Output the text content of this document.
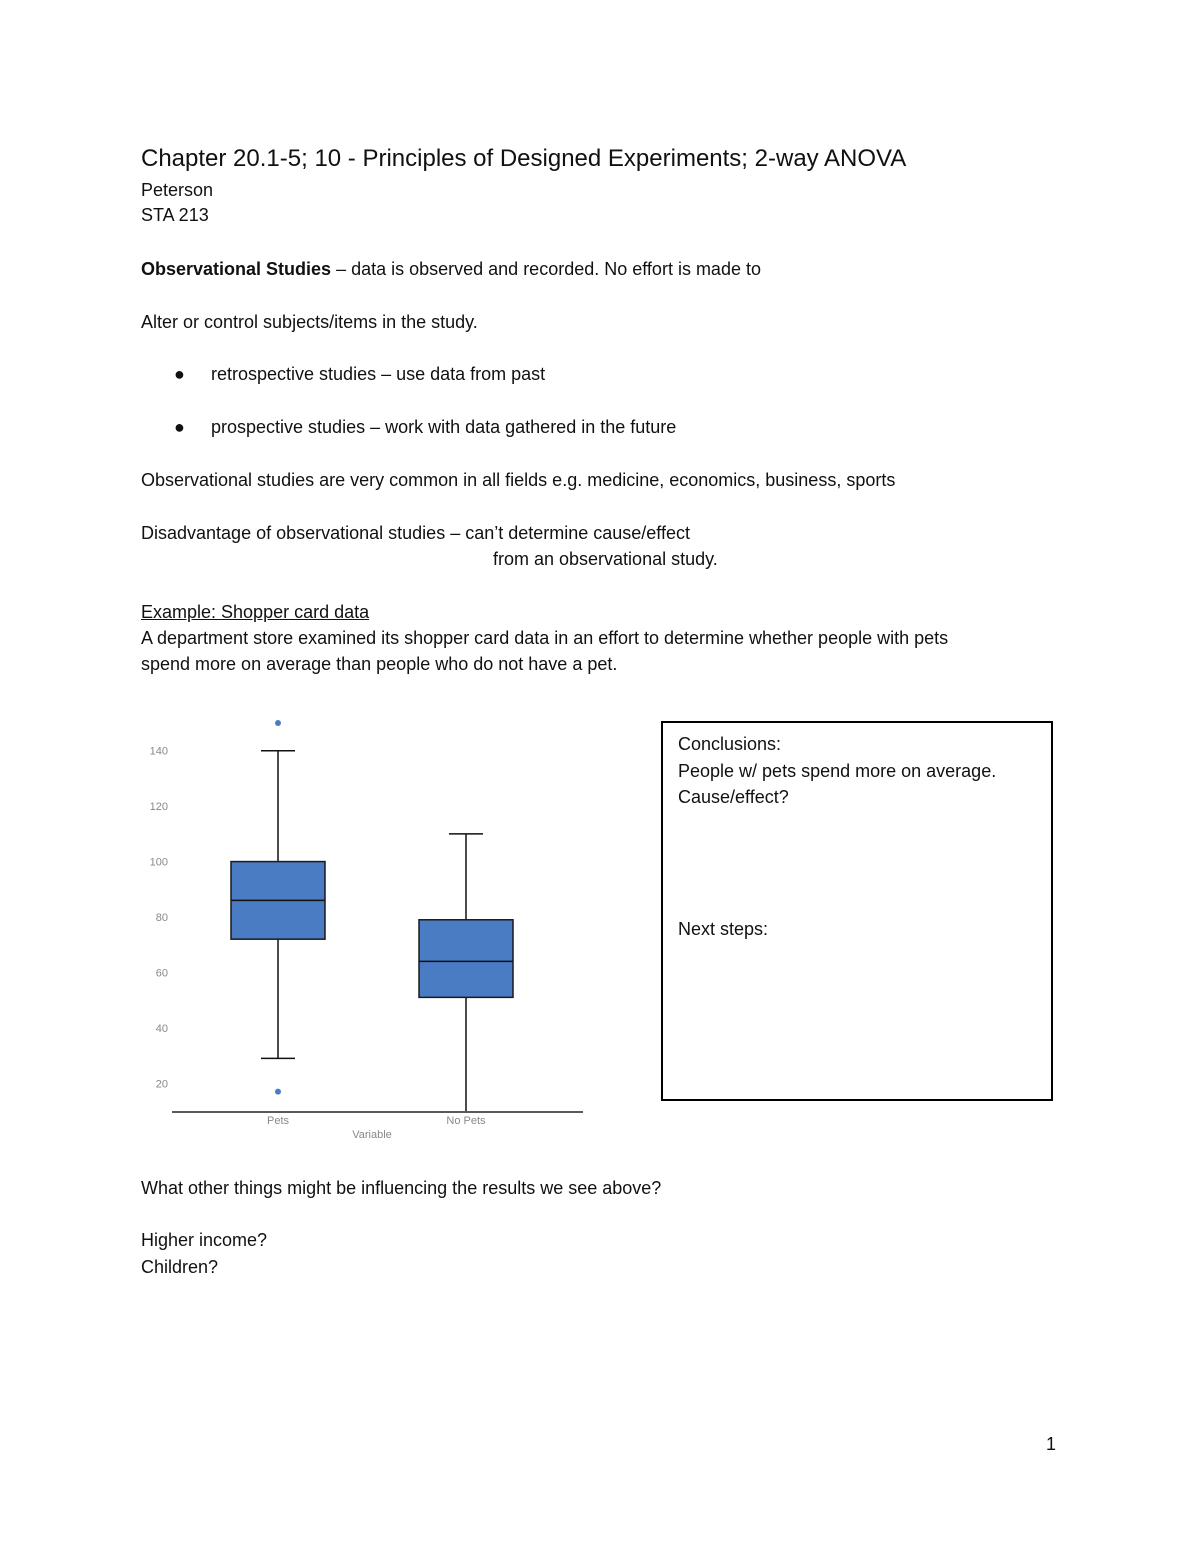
Chapter 20.1-5; 10 - Principles of Designed Experiments; 2-way ANOVA

Peterson

STA 213

Observational Studies – data is observed and recorded. No effort is made to

Alter or control subjects/items in the study.

● retrospective studies – use data from past

● prospective studies – work with data gathered in the future

Observational studies are very common in all fields e.g. medicine, economics, business, sports

Disadvantage of observational studies – can’t determine cause/effect

from an observational study.

Example: Shopper card data

A department store examined its shopper card data in an effort to determine whether people with pets

spend more on average than people who do not have a pet.

20
40
60
80
100
120
140
Pets	No Pets
Variable
Conclusions:
People w/ pets spend more on average.
Cause/effect?
Next steps:

What other things might be influencing the results we see above?

Higher income?

Children?

1
